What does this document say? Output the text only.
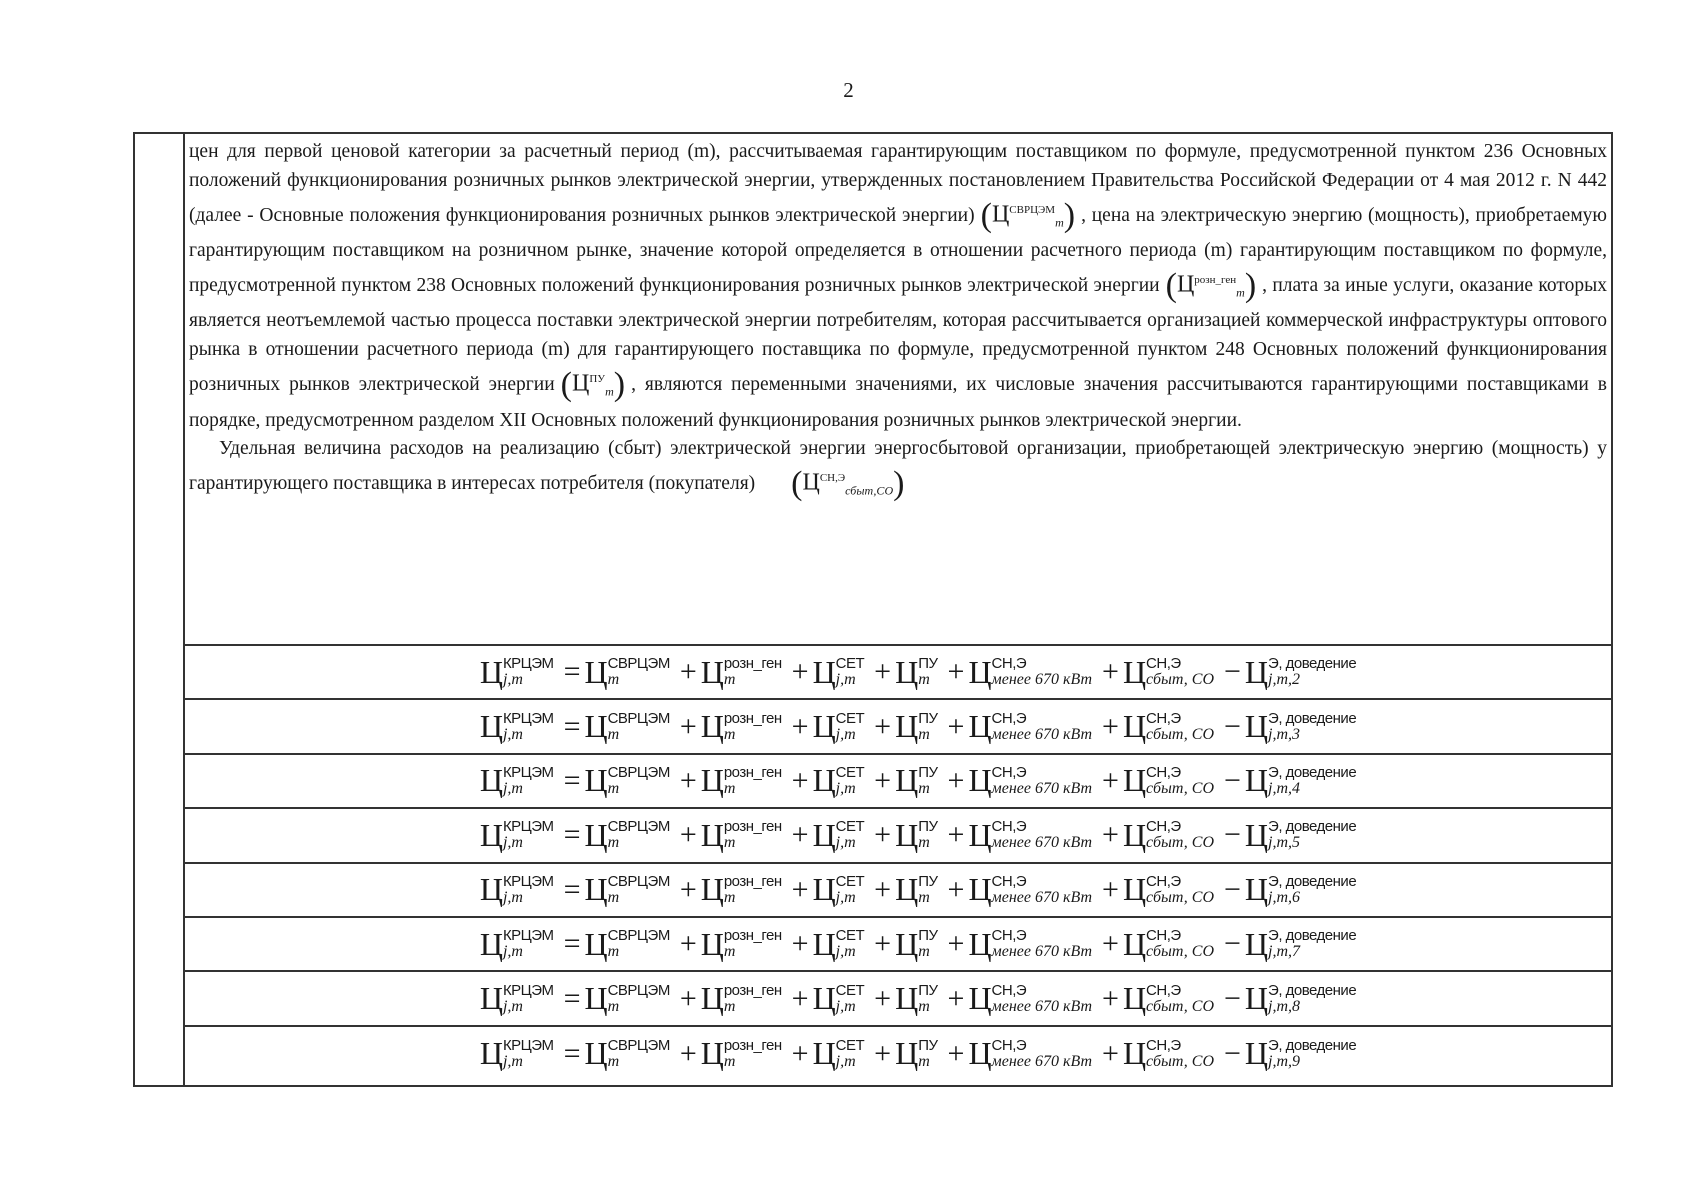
2

цен для первой ценовой категории за расчетный период (m), рассчитываемая гарантирующим поставщиком по формуле, предусмотренной пунктом 236 Основных положений функционирования розничных рынков электрической энергии, утвержденных постановлением Правительства Российской Федерации от 4 мая 2012 г. N 442 (далее - Основные положения функционирования розничных рынков электрической энергии) $(Ц^{СВРЦЭМ}_m)$ , цена на электрическую энергию (мощность), приобретаемую гарантирующим поставщиком на розничном рынке, значение которой определяется в отношении расчетного периода (m) гарантирующим поставщиком по формуле, предусмотренной пунктом 238 Основных положений функционирования розничных рынков электрической энергии $(Ц^{розн\_ген}_m)$ , плата за иные услуги, оказание которых является неотъемлемой частью процесса поставки электрической энергии потребителям, которая рассчитывается организацией коммерческой инфраструктуры оптового рынка в отношении расчетного периода (m) для гарантирующего поставщика по формуле, предусмотренной пунктом 248 Основных положений функционирования розничных рынков электрической энергии $(Ц^{ПУ}_m)$ , являются переменными значениями, их числовые значения рассчитываются гарантирующими поставщиками в порядке, предусмотренном разделом XII Основных положений функционирования розничных рынков электрической энергии.

Удельная величина расходов на реализацию (сбыт) электрической энергии энергосбытовой организации, приобретающей электрическую энергию (мощность) у гарантирующего поставщика в интересах потребителя (покупателя) $(Ц^{СН,Э}_{сбыт,СО})$

Ц КРЦЭМ
j,m	= Ц СВРЦЭМ
m	+ Ц розн_ген
m	+ Ц СЕТ
j,m + Ц ПУ
m + Ц СН,Э
менее 670 кВт + Ц СН,Э
сбыт, СО − Ц Э, доведение
j,m,2
Ц КРЦЭМ
j,m	= Ц СВРЦЭМ
m	+ Ц розн_ген
m	+ Ц СЕТ
j,m + Ц ПУ
m + Ц СН,Э
менее 670 кВт + Ц СН,Э
сбыт, СО − Ц Э, доведение
j,m,3
Ц КРЦЭМ
j,m	= Ц СВРЦЭМ
m	+ Ц розн_ген
m	+ Ц СЕТ
j,m + Ц ПУ
m + Ц СН,Э
менее 670 кВт + Ц СН,Э
сбыт, СО − Ц Э, доведение
j,m,4
Ц КРЦЭМ
j,m	= Ц СВРЦЭМ
m	+ Ц розн_ген
m	+ Ц СЕТ
j,m + Ц ПУ
m + Ц СН,Э
менее 670 кВт + Ц СН,Э
сбыт, СО − Ц Э, доведение
j,m,5
Ц КРЦЭМ
j,m	= Ц СВРЦЭМ
m	+ Ц розн_ген
m	+ Ц СЕТ
j,m + Ц ПУ
m + Ц СН,Э
менее 670 кВт + Ц СН,Э
сбыт, СО − Ц Э, доведение
j,m,6
Ц КРЦЭМ
j,m	= Ц СВРЦЭМ
m	+ Ц розн_ген
m	+ Ц СЕТ
j,m + Ц ПУ
m + Ц СН,Э
менее 670 кВт + Ц СН,Э
сбыт, СО − Ц Э, доведение
j,m,7
Ц КРЦЭМ
j,m	= Ц СВРЦЭМ
m	+ Ц розн_ген
m	+ Ц СЕТ
j,m + Ц ПУ
m + Ц СН,Э
менее 670 кВт + Ц СН,Э
сбыт, СО − Ц Э, доведение
j,m,8
Ц КРЦЭМ
j,m	= Ц СВРЦЭМ
m	+ Ц розн_ген
m	+ Ц СЕТ
j,m + Ц ПУ
m + Ц СН,Э
менее 670 кВт + Ц СН,Э
сбыт, СО − Ц Э, доведение
j,m,9
